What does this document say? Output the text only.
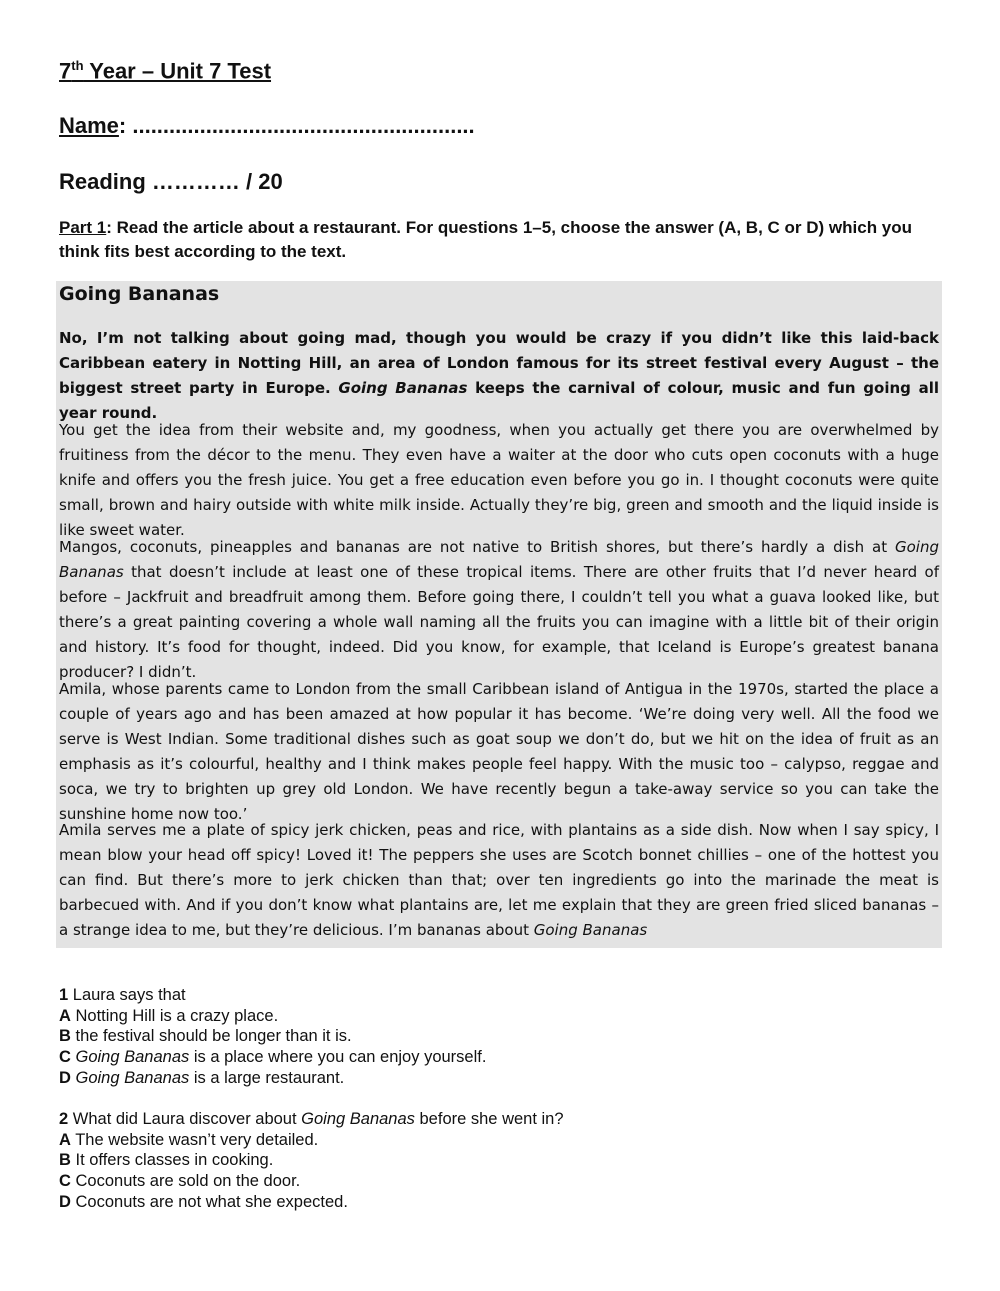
7th Year – Unit 7 Test
Name: ........................................................
Reading ………… / 20
Part 1: Read the article about a restaurant. For questions 1–5, choose the answer (A, B, C or D) which you think fits best according to the text.
Going Bananas
No, I’m not talking about going mad, though you would be crazy if you didn’t like this laid-back Caribbean eatery in Notting Hill, an area of London famous for its street festival every August – the biggest street party in Europe. Going Bananas keeps the carnival of colour, music and fun going all year round.
You get the idea from their website and, my goodness, when you actually get there you are overwhelmed by fruitiness from the décor to the menu. They even have a waiter at the door who cuts open coconuts with a huge knife and offers you the fresh juice. You get a free education even before you go in. I thought coconuts were quite small, brown and hairy outside with white milk inside. Actually they’re big, green and smooth and the liquid inside is like sweet water.
Mangos, coconuts, pineapples and bananas are not native to British shores, but there’s hardly a dish at Going Bananas that doesn’t include at least one of these tropical items. There are other fruits that I’d never heard of before – Jackfruit and breadfruit among them. Before going there, I couldn’t tell you what a guava looked like, but there’s a great painting covering a whole wall naming all the fruits you can imagine with a little bit of their origin and history. It’s food for thought, indeed. Did you know, for example, that Iceland is Europe’s greatest banana producer? I didn’t.
Amila, whose parents came to London from the small Caribbean island of Antigua in the 1970s, started the place a couple of years ago and has been amazed at how popular it has become. ‘We’re doing very well. All the food we serve is West Indian. Some traditional dishes such as goat soup we don’t do, but we hit on the idea of fruit as an emphasis as it’s colourful, healthy and I think makes people feel happy. With the music too – calypso, reggae and soca, we try to brighten up grey old London. We have recently begun a take-away service so you can take the sunshine home now too.’
Amila serves me a plate of spicy jerk chicken, peas and rice, with plantains as a side dish. Now when I say spicy, I mean blow your head off spicy! Loved it! The peppers she uses are Scotch bonnet chillies – one of the hottest you can find. But there’s more to jerk chicken than that; over ten ingredients go into the marinade the meat is barbecued with. And if you don’t know what plantains are, let me explain that they are green fried sliced bananas – a strange idea to me, but they’re delicious. I’m bananas about Going Bananas
1 Laura says that
A Notting Hill is a crazy place.
B the festival should be longer than it is.
C Going Bananas is a place where you can enjoy yourself.
D Going Bananas is a large restaurant.
2 What did Laura discover about Going Bananas before she went in?
A The website wasn’t very detailed.
B It offers classes in cooking.
C Coconuts are sold on the door.
D Coconuts are not what she expected.
